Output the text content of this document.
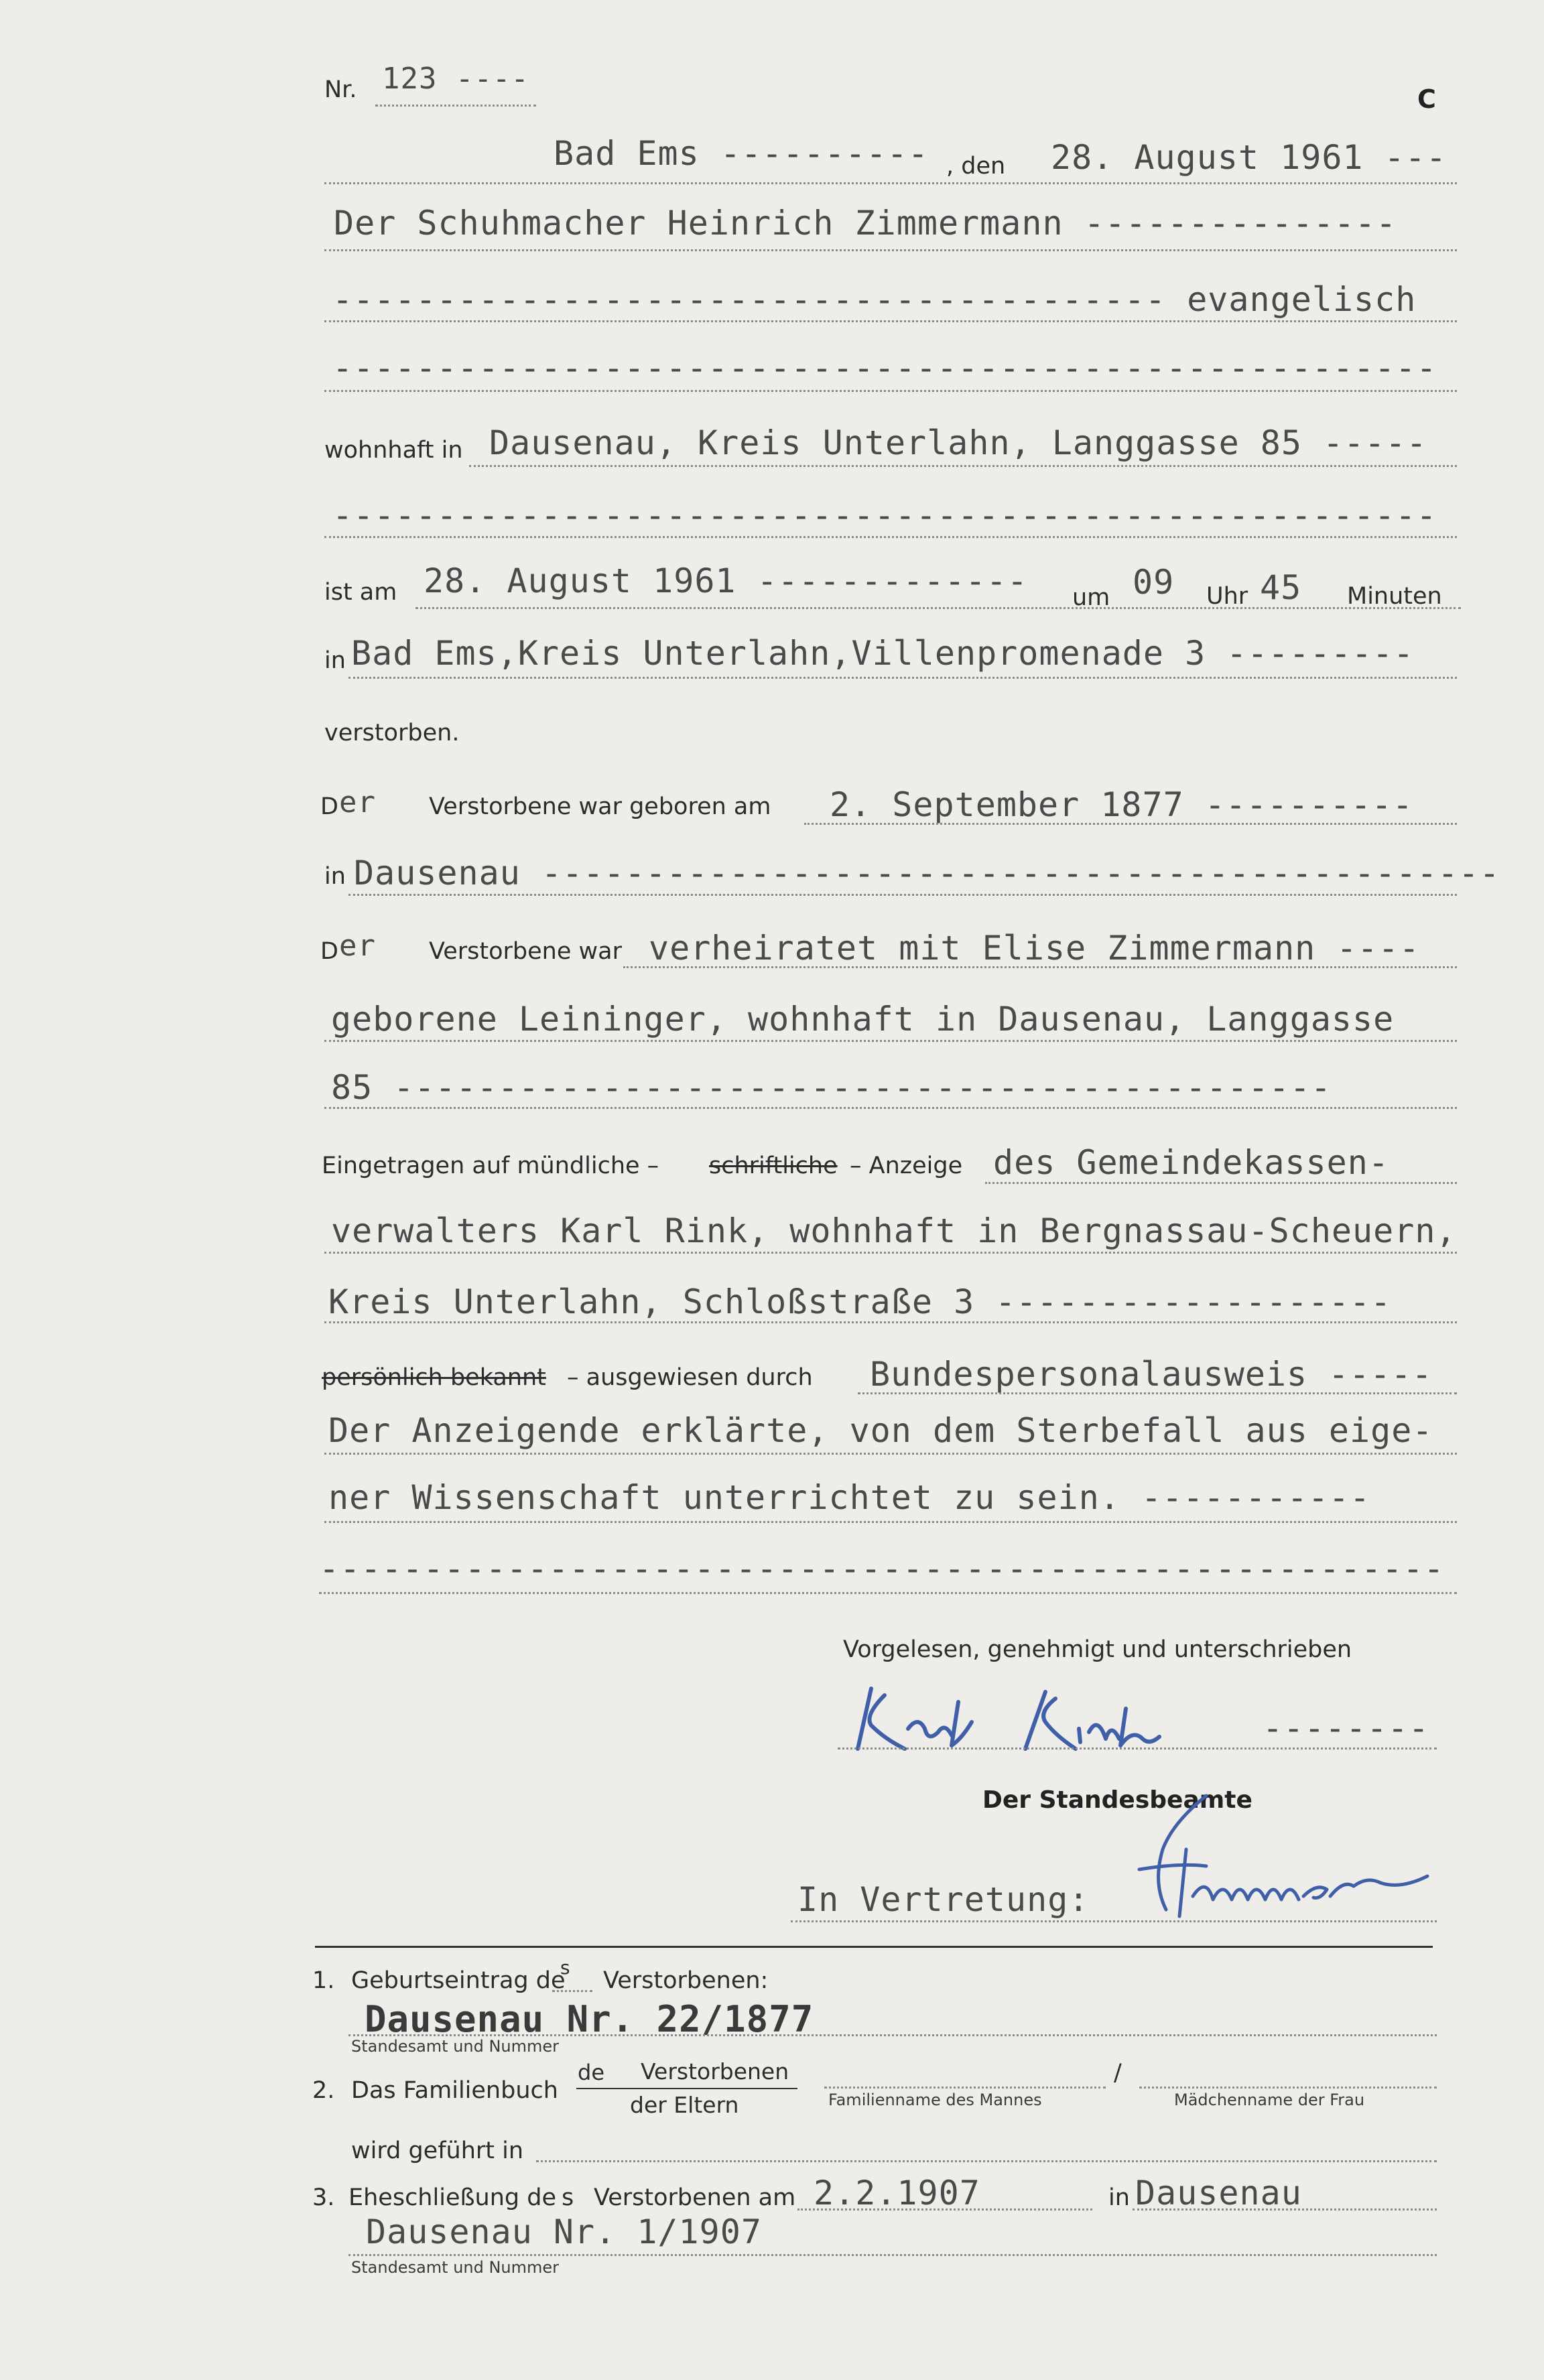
Nr. 123 ----
C
Bad Ems ---------- , den 28. August 1961 ---
Der Schuhmacher Heinrich Zimmermann ---------------
---------------------------------------- evangelisch
-----------------------------------------------------
wohnhaft in Dausenau, Kreis Unterlahn, Langgasse 85 -----
-----------------------------------------------------
ist am 28. August 1961 ------------- um 09 Uhr 45 Minuten
in Bad Ems,Kreis Unterlahn,Villenpromenade 3 ---------
verstorben.
D er Verstorbene war geboren am 2. September 1877 ----------
in Dausenau ----------------------------------------------
D er Verstorbene war verheiratet mit Elise Zimmermann ----
geborene Leininger, wohnhaft in Dausenau, Langgasse
85 ---------------------------------------------
Eingetragen auf mündliche – schriftliche – Anzeige des Gemeindekassen-
verwalters Karl Rink, wohnhaft in Bergnassau-Scheuern,
Kreis Unterlahn, Schloßstraße 3 -------------------
persönlich bekannt – ausgewiesen durch Bundespersonalausweis -----
Der Anzeigende erklärte, von dem Sterbefall aus eige-
ner Wissenschaft unterrichtet zu sein. -----------
------------------------------------------------------
Vorgelesen, genehmigt und unterschrieben
--------
Der Standesbeamte
In Vertretung:
1. Geburtseintrag de
s Verstorbenen:
Dausenau Nr. 22/1877
Standesamt und Nummer
2. Das Familienbuch
de Verstorbenen
der Eltern
/
Familienname des Mannes	Mädchenname der Frau
wird geführt in
3. Eheschließung de s Verstorbenen am 2.2.1907	in Dausenau
Dausenau Nr. 1/1907
Standesamt und Nummer
